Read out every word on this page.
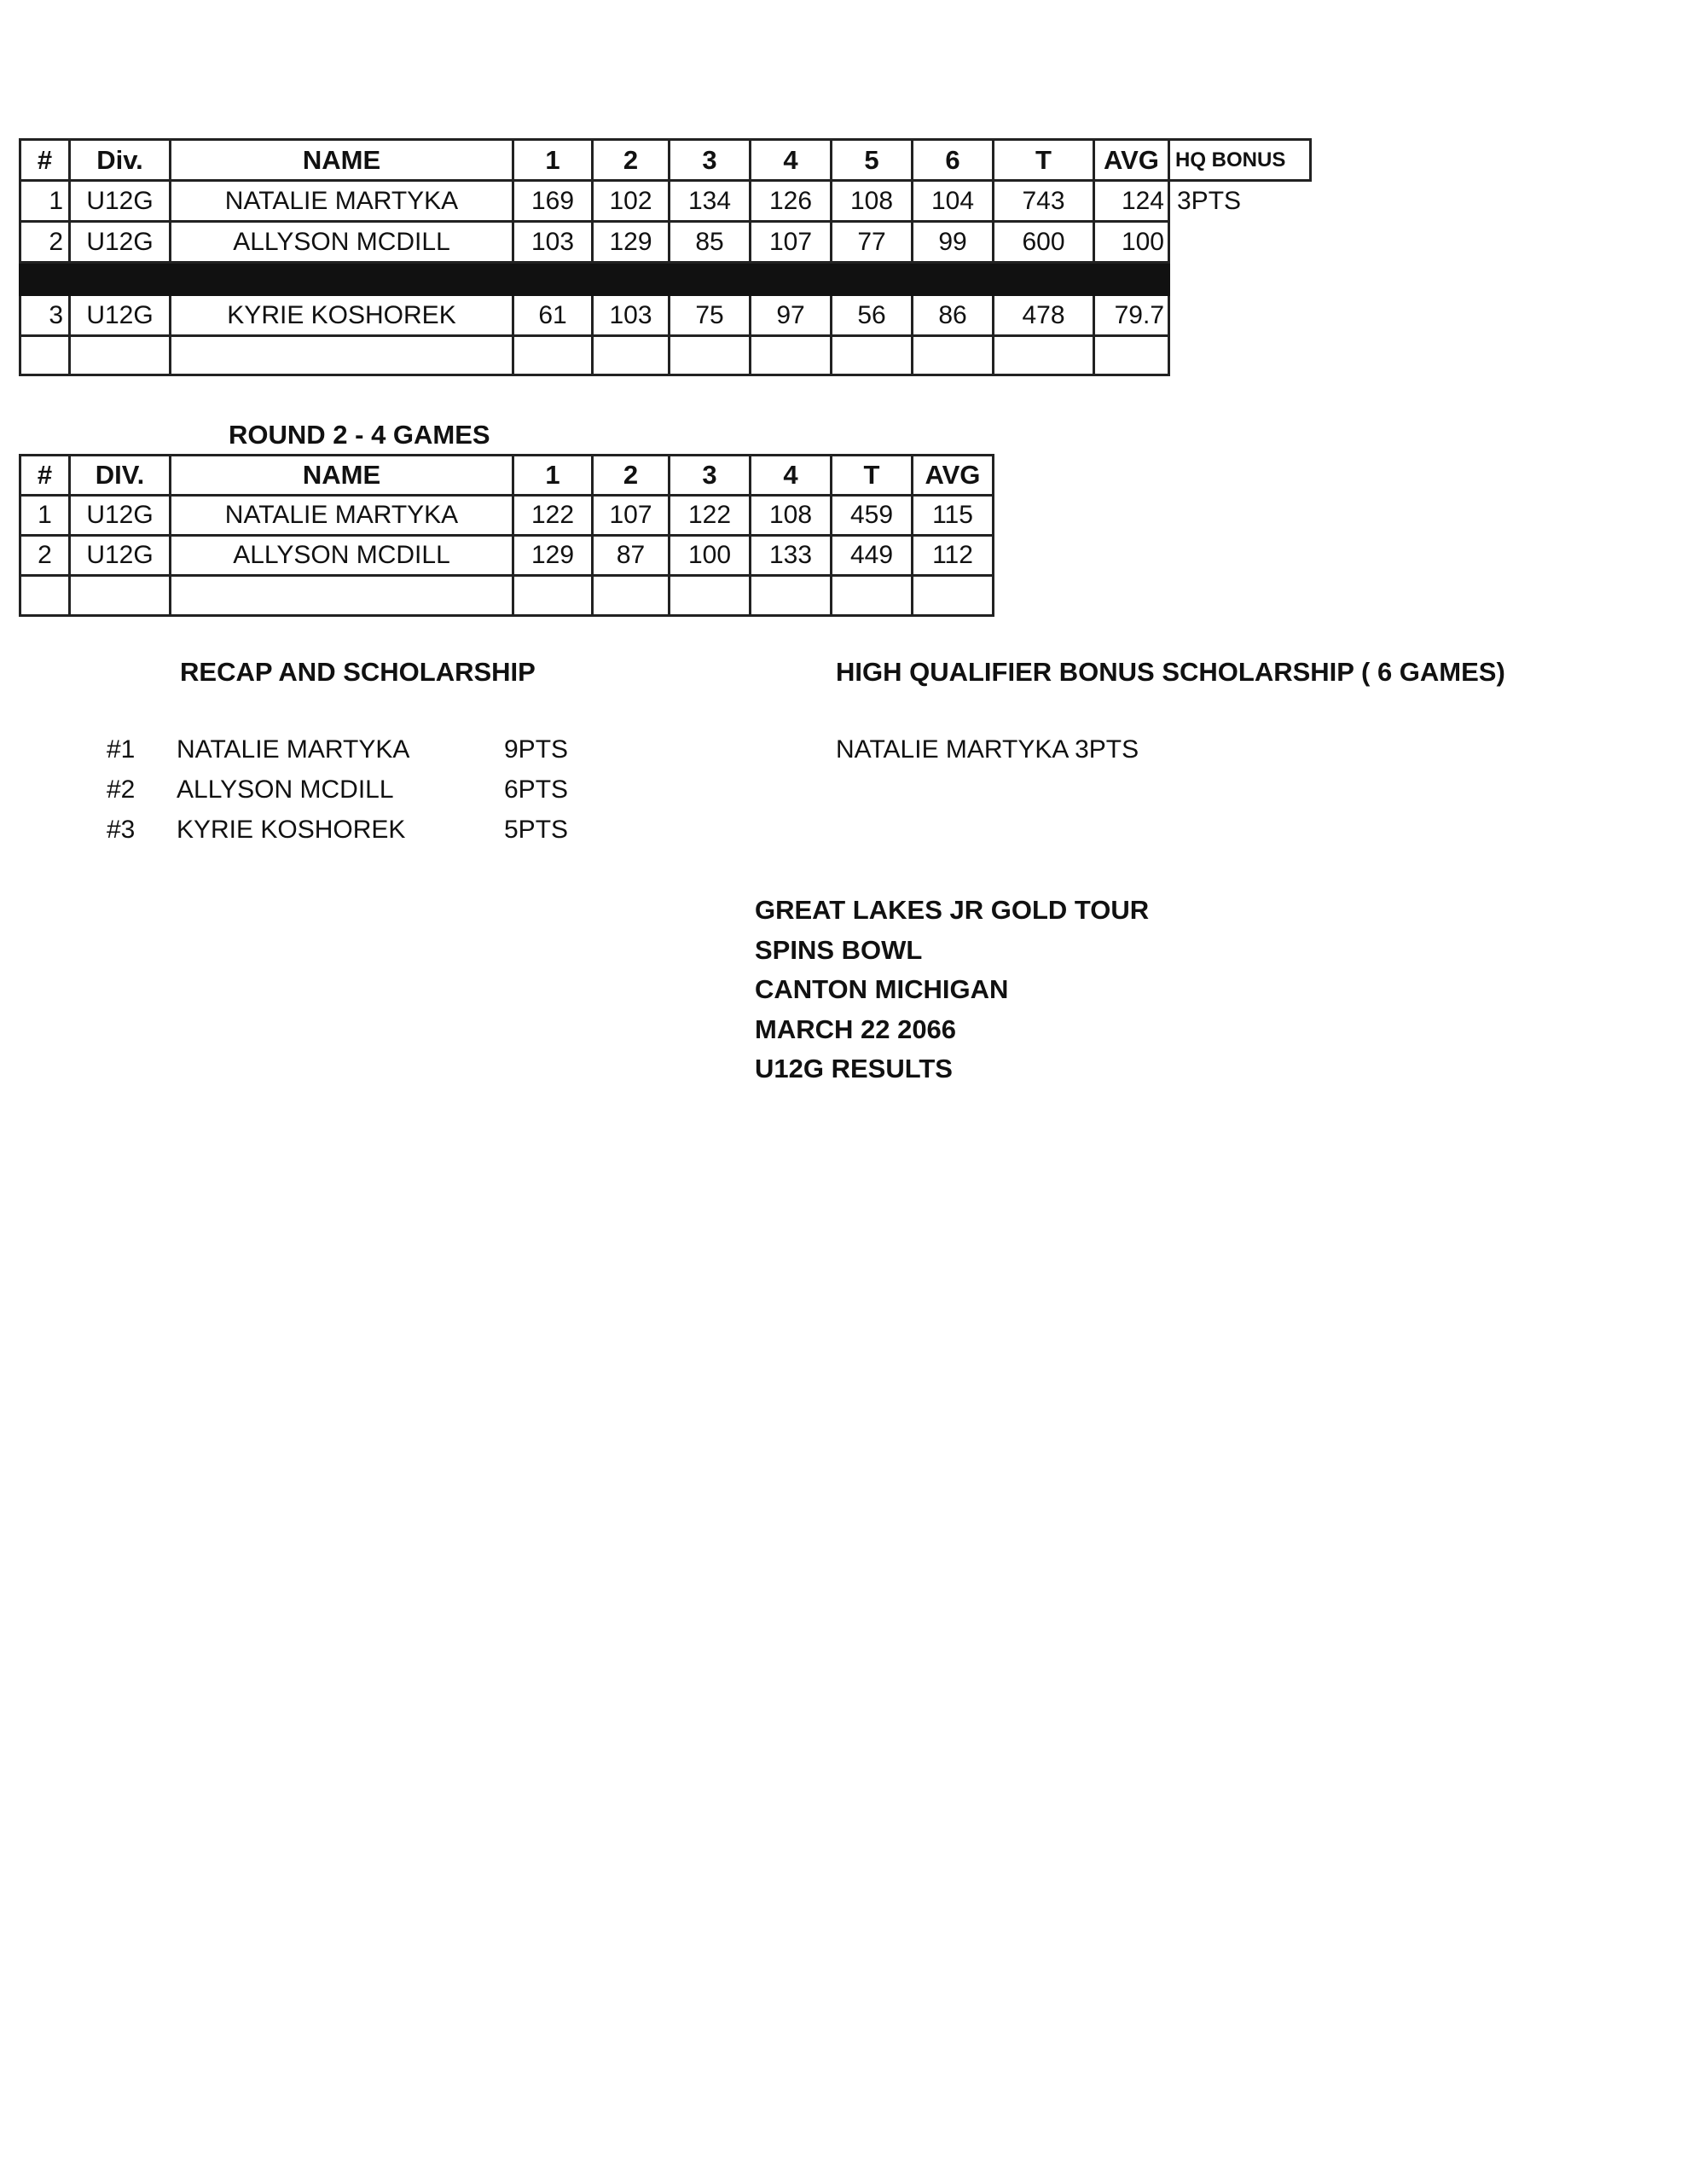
#	Div.	NAME	1	2	3	4	5	6	T	AVG	HQ BONUS
1	U12G	NATALIE MARTYKA	169	102	134	126	108	104	743	124	3PTS
2	U12G	ALLYSON MCDILL	103	129	85	107	77	99	600	100	

3	U12G	KYRIE KOSHOREK	61	103	75	97	56	86	478	79.7	

ROUND 2 - 4 GAMES
#	DIV.	NAME	1	2	3	4	T	AVG
1	U12G	NATALIE MARTYKA	122	107	122	108	459	115
2	U12G	ALLYSON MCDILL	129	87	100	133	449	112

RECAP AND SCHOLARSHIP
#1 NATALIE MARTYKA	9PTS
#2 ALLYSON MCDILL	6PTS
#3 KYRIE KOSHOREK	5PTS
HIGH QUALIFIER BONUS SCHOLARSHIP ( 6 GAMES)
NATALIE MARTYKA 3PTS
GREAT LAKES JR GOLD TOUR
SPINS BOWL
CANTON MICHIGAN
MARCH 22 2066
U12G RESULTS
